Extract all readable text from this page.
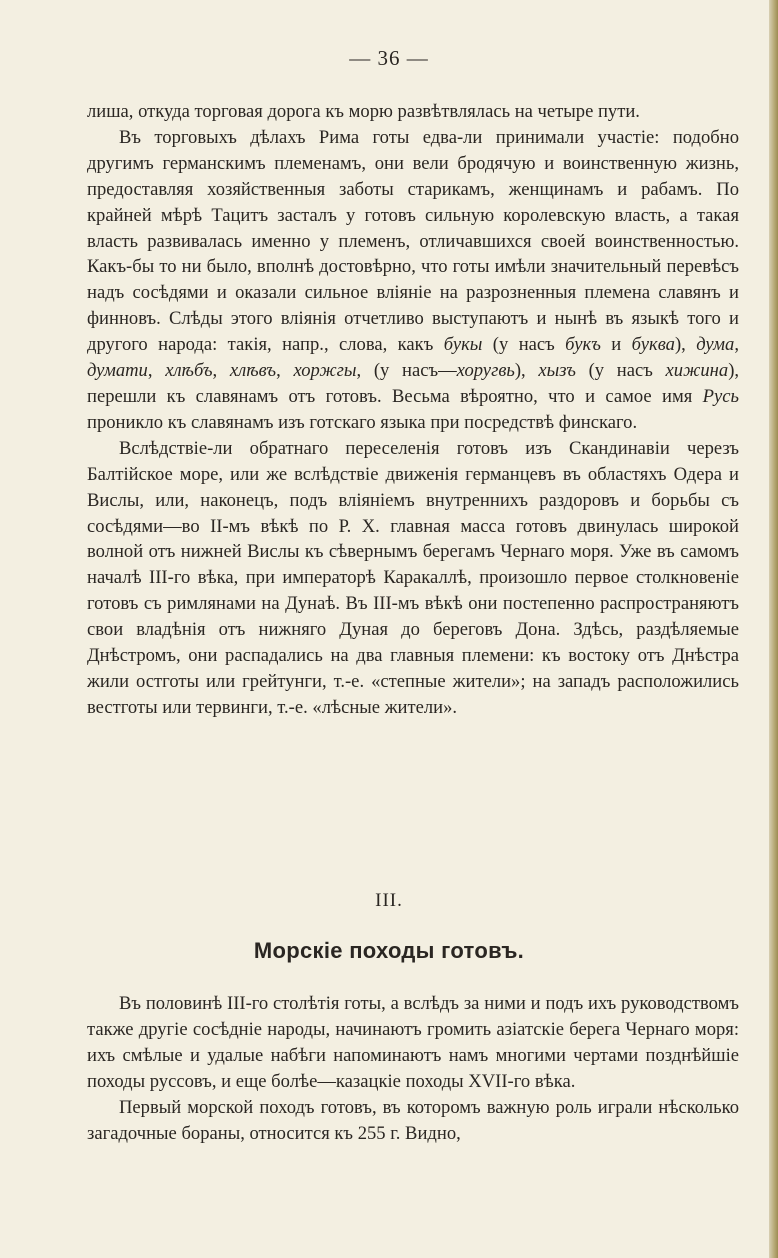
— 36 —

лиша, откуда торговая дорога къ морю развѣтвлялась на четыре пути.

Въ торговыхъ дѣлахъ Рима готы едва-ли принимали участіе: подобно другимъ германскимъ племенамъ, они вели бродячую и воинственную жизнь, предоставляя хозяйственныя заботы старикамъ, женщинамъ и рабамъ. По крайней мѣрѣ Тацитъ засталъ у готовъ сильную королевскую власть, а такая власть развивалась именно у племенъ, отличавшихся своей воинственностью. Какъ-бы то ни было, вполнѣ достовѣрно, что готы имѣли значительный перевѣсъ надъ сосѣдями и оказали сильное вліяніе на разрозненныя племена славянъ и финновъ. Слѣды этого вліянія отчетливо выступаютъ и нынѣ въ языкѣ того и другого народа: такія, напр., слова, какъ букы (у насъ букъ и буква), дума, думати, хлѣбъ, хлѣвъ, хоржгы, (у насъ—хоругвь), хызъ (у насъ хижина), перешли къ славянамъ отъ готовъ. Весьма вѣроятно, что и самое имя Русь проникло къ славянамъ изъ готскаго языка при посредствѣ финскаго.

Вслѣдствіе-ли обратнаго переселенія готовъ изъ Скандинавіи черезъ Балтійское море, или же вслѣдствіе движенія германцевъ въ областяхъ Одера и Вислы, или, наконецъ, подъ вліяніемъ внутреннихъ раздоровъ и борьбы съ сосѣдями—во II-мъ вѣкѣ по Р. Х. главная масса готовъ двинулась широкой волной отъ нижней Вислы къ сѣвернымъ берегамъ Чернаго моря. Уже въ самомъ началѣ III-го вѣка, при императорѣ Каракаллѣ, произошло первое столкновеніе готовъ съ римлянами на Дунаѣ. Въ III-мъ вѣкѣ они постепенно распространяютъ свои владѣнія отъ нижняго Дуная до береговъ Дона. Здѣсь, раздѣляемые Днѣстромъ, они распадались на два главныя племени: къ востоку отъ Днѣстра жили остготы или грейтунги, т.-е. «степные жители»; на западъ расположились вестготы или тервинги, т.-е. «лѣсные жители».

III.
Морскіе походы готовъ.

Въ половинѣ III-го столѣтія готы, а вслѣдъ за ними и подъ ихъ руководствомъ также другіе сосѣдніе народы, начинаютъ громить азіатскіе берега Чернаго моря: ихъ смѣлые и удалые набѣги напоминаютъ намъ многими чертами позднѣйшіе походы руссовъ, и еще болѣе—казацкіе походы XVII-го вѣка.

Первый морской походъ готовъ, въ которомъ важную роль играли нѣсколько загадочные бораны, относится къ 255 г. Видно,
